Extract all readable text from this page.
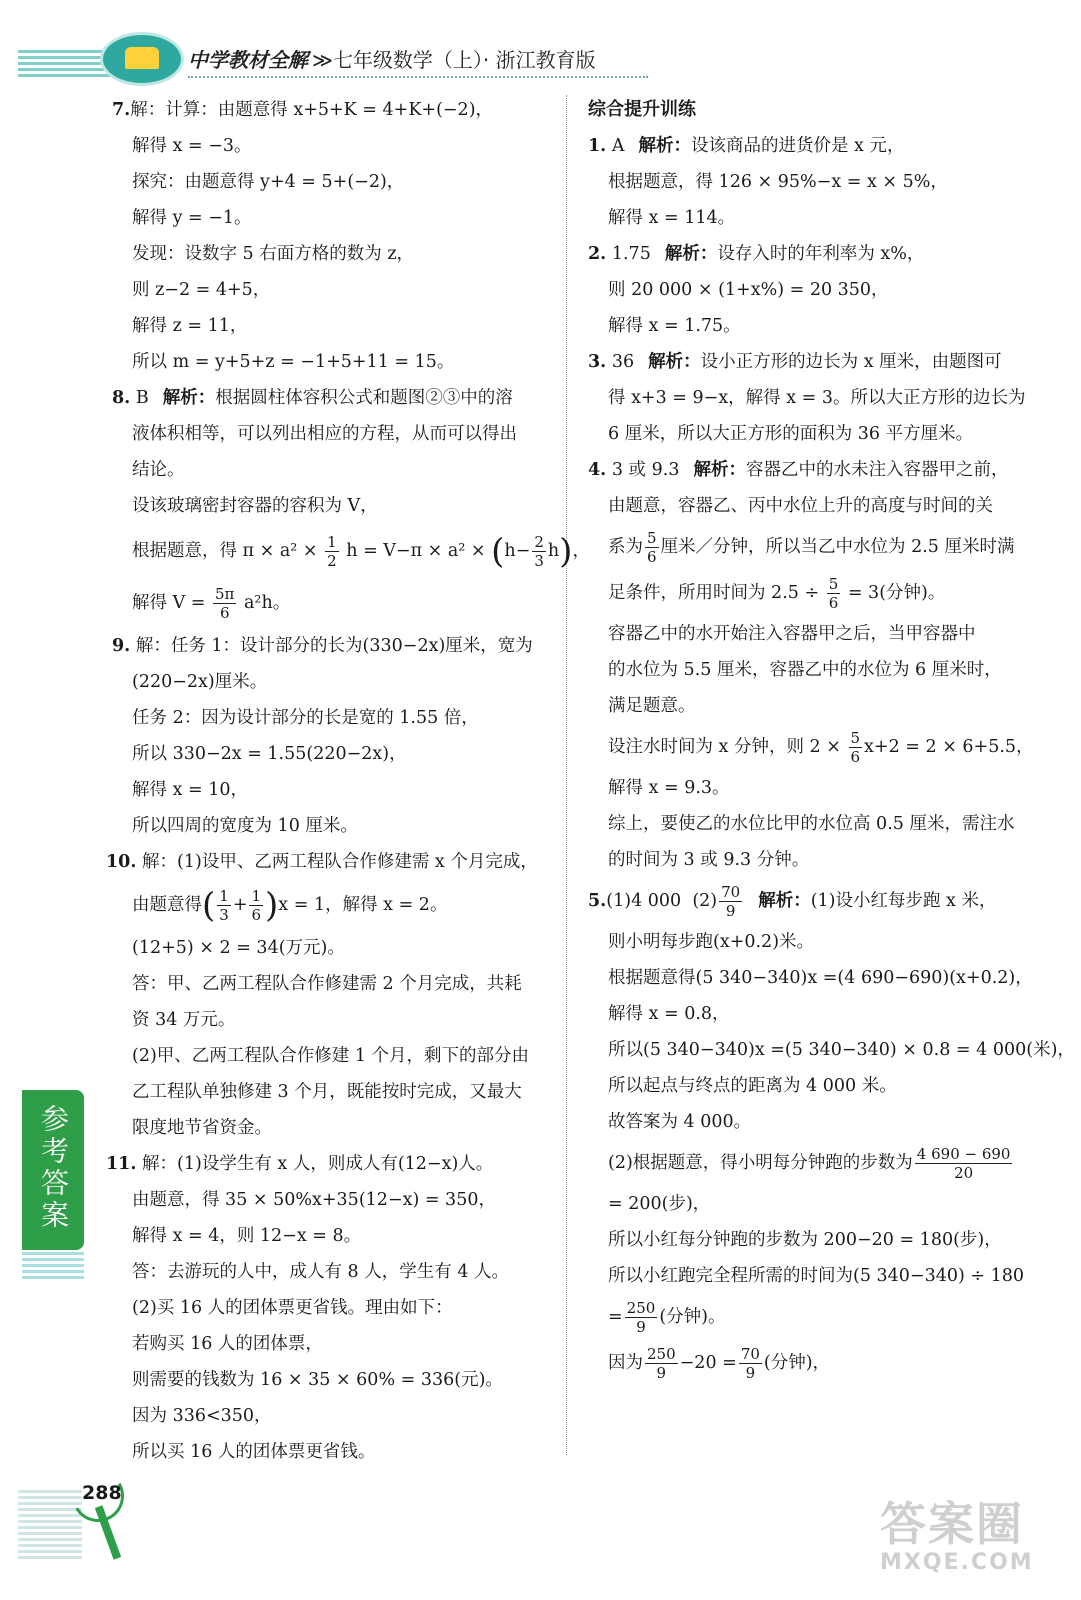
中学教材全解 ≫七年级数学（上）· 浙江教育版
7.解：计算：由题意得 x+5+K = 4+K+(−2)，
解得 x = −3。
探究：由题意得 y+4 = 5+(−2)，
解得 y = −1。
发现：设数字 5 右面方格的数为 z，
则 z−2 = 4+5，
解得 z = 11，
所以 m = y+5+z = −1+5+11 = 15。
8. B 解析：根据圆柱体容积公式和题图②③中的溶
液体积相等，可以列出相应的方程，从而可以得出
结论。
设该玻璃密封容器的容积为 V，
根据题意，得 $\pi \times a^2 \times \frac{1}{2}$ $h = V-\pi \times a^2 \times (h- \frac{2}{3} h)$，
解得 $V = \frac{5\pi}{6} a^2h$。
9. 解：任务 1：设计部分的长为(330−2x)厘米，宽为
(220−2x)厘米。
任务 2：因为设计部分的长是宽的 1.55 倍，
所以 330−2x = 1.55(220−2x)，
解得 x = 10，
所以四周的宽度为 10 厘米。
10. 解：(1)设甲、乙两工程队合作修建需 x 个月完成，
由题意得( $\frac{1}{3} + \frac{1}{6} )x = 1$，解得 x = 2。
(12+5) × 2 = 34(万元)。
答：甲、乙两工程队合作修建需 2 个月完成，共耗
资 34 万元。
(2)甲、乙两工程队合作修建 1 个月，剩下的部分由
乙工程队单独修建 3 个月，既能按时完成，又最大
限度地节省资金。
11. 解：(1)设学生有 x 人，则成人有(12−x)人。
由题意，得 35 × 50%x+35(12−x) = 350，
解得 x = 4，则 12−x = 8。
答：去游玩的人中，成人有 8 人，学生有 4 人。
(2)买 16 人的团体票更省钱。理由如下：
若购买 16 人的团体票，
则需要的钱数为 16 × 35 × 60% = 336(元)。
因为 336<350，
所以买 16 人的团体票更省钱。
综合提升训练
1. A 解析：设该商品的进货价是 x 元，
根据题意，得 126 × 95%−x = x × 5%，
解得 x = 114。
2. 1.75 解析：设存入时的年利率为 x%，
则 20 000 × (1+x%) = 20 350，
解得 x = 1.75。
3. 36 解析：设小正方形的边长为 x 厘米，由题图可
得 x+3 = 9−x，解得 x = 3。所以大正方形的边长为
6 厘米，所以大正方形的面积为 36 平方厘米。
4. 3 或 9.3 解析：容器乙中的水未注入容器甲之前，
由题意，容器乙、丙中水位上升的高度与时间的关
系为 $\frac{5}{6}$ 厘米／分钟，所以当乙中水位为 2.5 厘米时满
足条件，所用时间为 $2.5 \div \frac{5}{6} = 3$(分钟)。
容器乙中的水开始注入容器甲之后，当甲容器中
的水位为 5.5 厘米，容器乙中的水位为 6 厘米时，
满足题意。
设注水时间为 x 分钟，则 $2 \times \frac{5}{6} x+2 = 2 \times 6+5.5$，
解得 x = 9.3。
综上，要使乙的水位比甲的水位高 0.5 厘米，需注水
的时间为 3 或 9.3 分钟。
5.(1)4 000 $(2) \frac{70}{9}$ 解析：(1)设小红每步跑 x 米，
则小明每步跑(x+0.2)米。
根据题意得(5 340−340)x =(4 690−690)(x+0.2)，
解得 x = 0.8，
所以(5 340−340)x =(5 340−340) × 0.8 = 4 000(米)，
所以起点与终点的距离为 4 000 米。
故答案为 4 000。
(2)根据题意，得小明每分钟跑的步数为 $\frac{4 690 - 690}{20}$
= 200(步)，
所以小红每分钟跑的步数为 200−20 = 180(步)，
所以小红跑完全程所需的时间为(5 340−340) ÷ 180
= $\frac{250}{9}$ (分钟)。
因为 $\frac{250}{9} -20 = \frac{70}{9}$ (分钟)，
参考答案
288
答案圈
MXQE.COM
